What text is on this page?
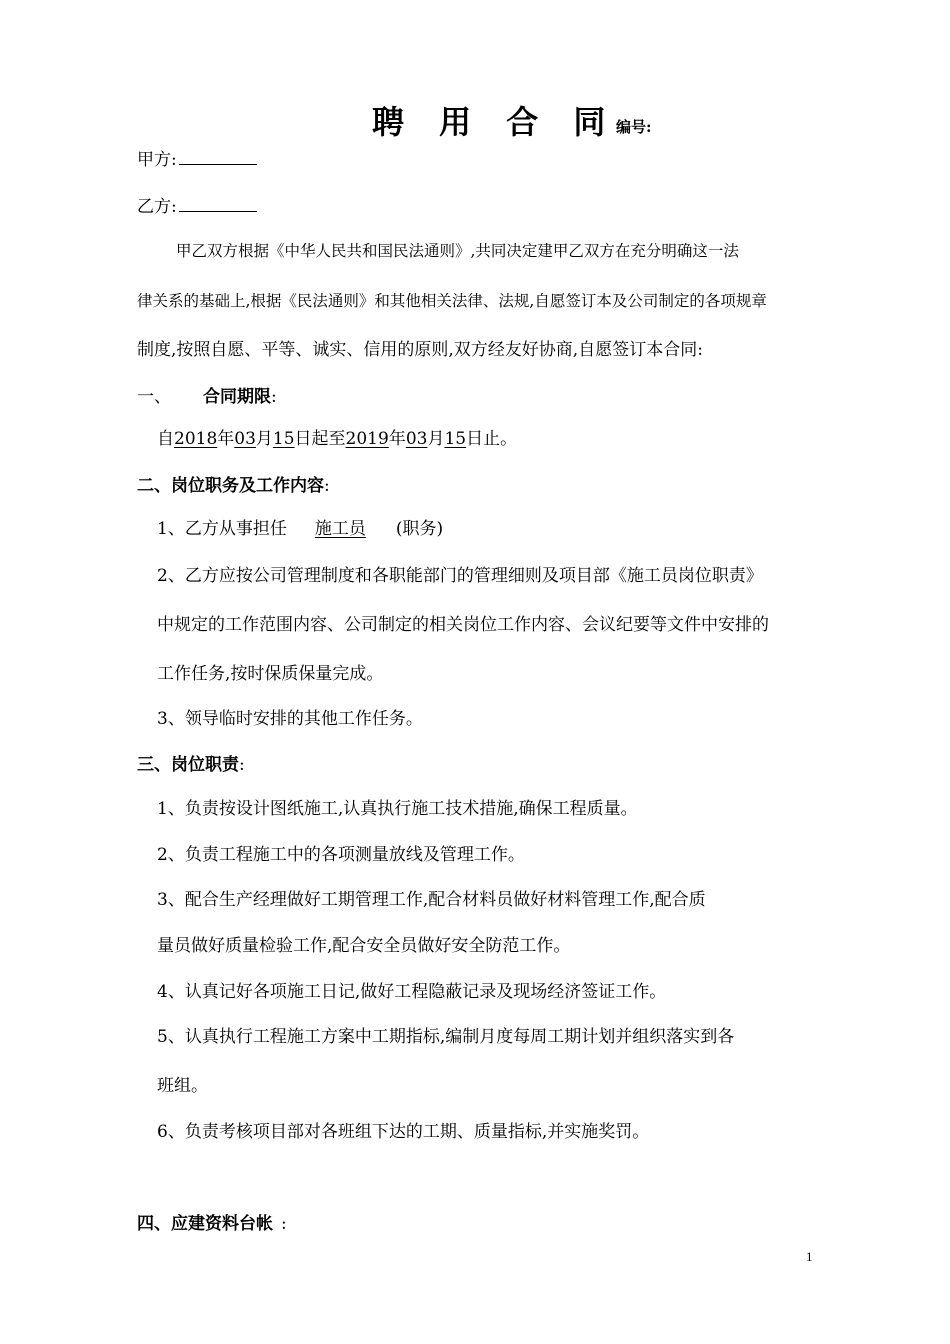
聘 用 合 同
编号:
甲方:
乙方:
甲乙双方根据《中华人民共和国民法通则》,共同决定建甲乙双方在充分明确这一法
律关系的基础上,根据《民法通则》和其他相关法律、法规,自愿签订本及公司制定的各项规章
制度,按照自愿、平等、诚实、信用的原则,双方经友好协商,自愿签订本合同:
一、 合同期限:
自2018年03月15日起至2019年03月15日止。
二、岗位职务及工作内容:
1、乙方从事担任 施工员 (职务)
2、乙方应按公司管理制度和各职能部门的管理细则及项目部《施工员岗位职责》
中规定的工作范围内容、公司制定的相关岗位工作内容、会议纪要等文件中安排的
工作任务,按时保质保量完成。
3、领导临时安排的其他工作任务。
三、岗位职责:
1、负责按设计图纸施工,认真执行施工技术措施,确保工程质量。
2、负责工程施工中的各项测量放线及管理工作。
3、配合生产经理做好工期管理工作,配合材料员做好材料管理工作,配合质
量员做好质量检验工作,配合安全员做好安全防范工作。
4、认真记好各项施工日记,做好工程隐蔽记录及现场经济签证工作。
5、认真执行工程施工方案中工期指标,编制月度每周工期计划并组织落实到各
班组。
6、负责考核项目部对各班组下达的工期、质量指标,并实施奖罚。
四、应建资料台帐 :
1
